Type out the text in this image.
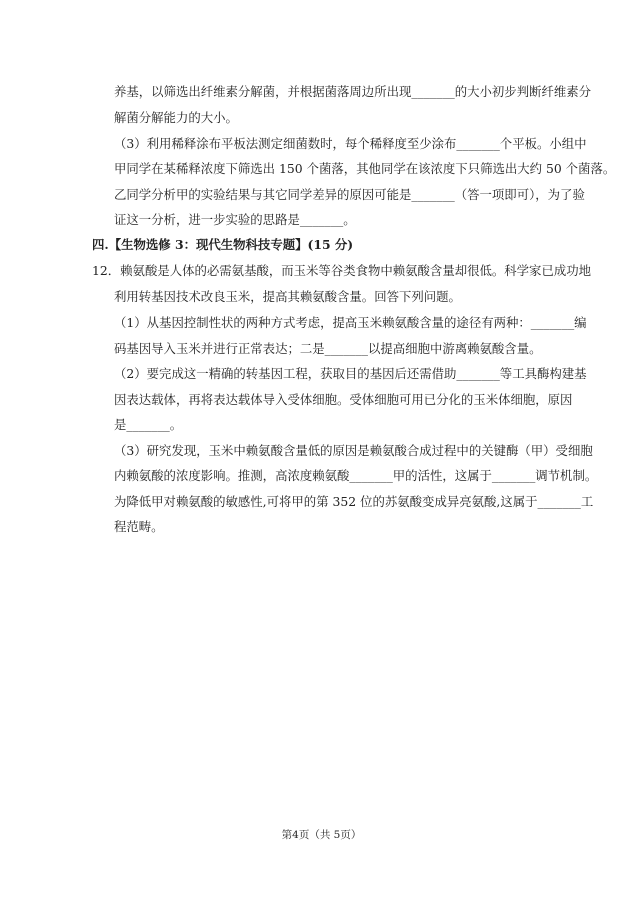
养基，以筛选出纤维素分解菌，并根据菌落周边所出现_______的大小初步判断纤维素分
解菌分解能力的大小。
（3）利用稀释涂布平板法测定细菌数时，每个稀释度至少涂布_______个平板。小组中
甲同学在某稀释浓度下筛选出 150 个菌落，其他同学在该浓度下只筛选出大约 50 个菌落。
乙同学分析甲的实验结果与其它同学差异的原因可能是_______（答一项即可），为了验
证这一分析，进一步实验的思路是_______。
四.【生物选修 3：现代生物科技专题】(15 分)
12．赖氨酸是人体的必需氨基酸，而玉米等谷类食物中赖氨酸含量却很低。科学家已成功地
利用转基因技术改良玉米，提高其赖氨酸含量。回答下列问题。
（1）从基因控制性状的两种方式考虑，提高玉米赖氨酸含量的途径有两种：_______编
码基因导入玉米并进行正常表达；二是_______以提高细胞中游离赖氨酸含量。
（2）要完成这一精确的转基因工程，获取目的基因后还需借助_______等工具酶构建基
因表达载体，再将表达载体导入受体细胞。受体细胞可用已分化的玉米体细胞，原因
是_______。
（3）研究发现，玉米中赖氨酸含量低的原因是赖氨酸合成过程中的关键酶（甲）受细胞
内赖氨酸的浓度影响。推测，高浓度赖氨酸_______甲的活性，这属于_______调节机制。
为降低甲对赖氨酸的敏感性,可将甲的第 352 位的苏氨酸变成异亮氨酸,这属于_______工
程范畴。
第4页（共 5页）
